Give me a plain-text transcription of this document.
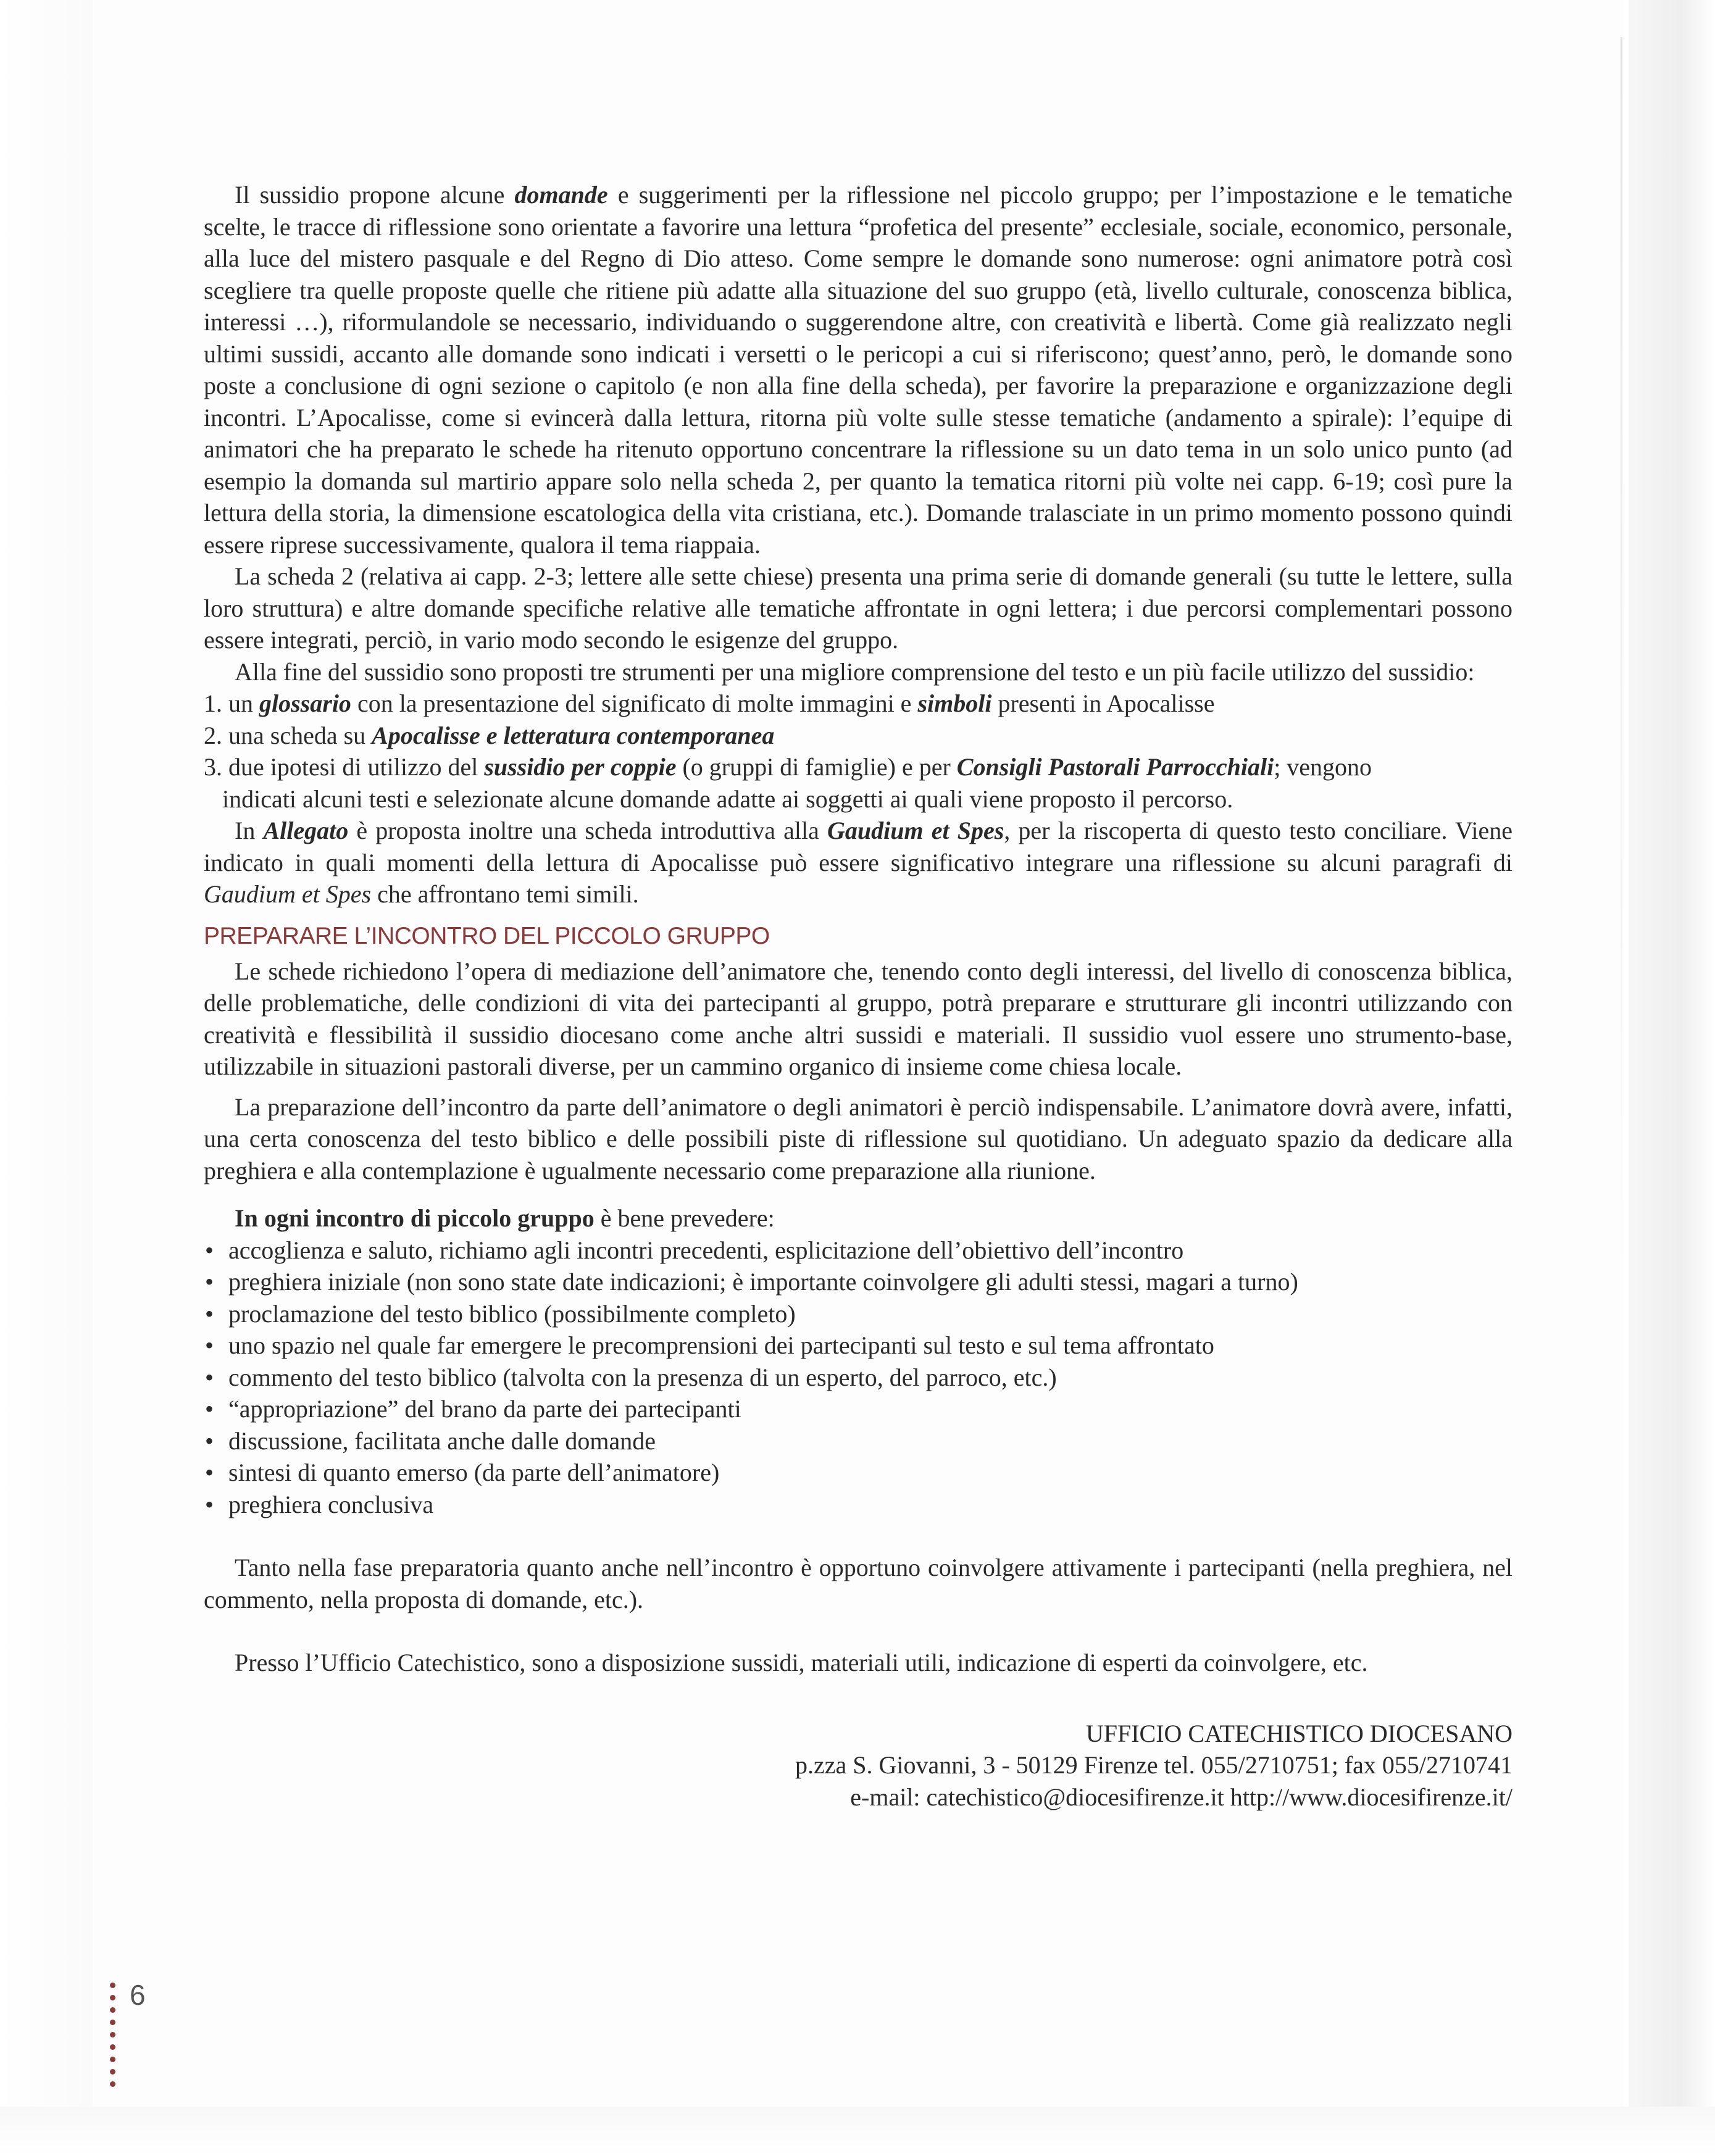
Il sussidio propone alcune domande e suggerimenti per la riflessione nel piccolo gruppo; per l’impostazione e le tematiche scelte, le tracce di riflessione sono orientate a favorire una lettura “profetica del presente” ecclesiale, sociale, economico, personale, alla luce del mistero pasquale e del Regno di Dio atteso. Come sempre le domande sono numerose: ogni animatore potrà così scegliere tra quelle proposte quelle che ritiene più adatte alla situazione del suo gruppo (età, livello culturale, conoscenza biblica, interessi …), riformulandole se necessario, individuando o suggerendone altre, con creatività e libertà. Come già realizzato negli ultimi sussidi, accanto alle domande sono indicati i versetti o le pericopi a cui si riferiscono; quest’anno, però, le domande sono poste a conclusione di ogni sezione o capitolo (e non alla fine della scheda), per favorire la preparazione e organizzazione degli incontri. L’Apocalisse, come si evincerà dalla lettura, ritorna più volte sulle stesse tematiche (andamento a spirale): l’equipe di animatori che ha preparato le schede ha ritenuto opportuno concentrare la riflessione su un dato tema in un solo unico punto (ad esempio la domanda sul martirio appare solo nella scheda 2, per quanto la tematica ritorni più volte nei capp. 6-19; così pure la lettura della storia, la dimensione escatologica della vita cristiana, etc.). Domande tralasciate in un primo momento possono quindi essere riprese successivamente, qualora il tema riappaia.

La scheda 2 (relativa ai capp. 2-3; lettere alle sette chiese) presenta una prima serie di domande generali (su tutte le lettere, sulla loro struttura) e altre domande specifiche relative alle tematiche affrontate in ogni lettera; i due percorsi complementari possono essere integrati, perciò, in vario modo secondo le esigenze del gruppo.

Alla fine del sussidio sono proposti tre strumenti per una migliore comprensione del testo e un più facile utilizzo del sussidio:

1. un glossario con la presentazione del significato di molte immagini e simboli presenti in Apocalisse
2. una scheda su Apocalisse e letteratura contemporanea
3. due ipotesi di utilizzo del sussidio per coppie (o gruppi di famiglie) e per Consigli Pastorali Parrocchiali; vengono
indicati alcuni testi e selezionate alcune domande adatte ai soggetti ai quali viene proposto il percorso.

In Allegato è proposta inoltre una scheda introduttiva alla Gaudium et Spes, per la riscoperta di questo testo conciliare. Viene indicato in quali momenti della lettura di Apocalisse può essere significativo integrare una riflessione su alcuni paragrafi di Gaudium et Spes che affrontano temi simili.

PREPARARE L’INCONTRO DEL PICCOLO GRUPPO

Le schede richiedono l’opera di mediazione dell’animatore che, tenendo conto degli interessi, del livello di conoscenza biblica, delle problematiche, delle condizioni di vita dei partecipanti al gruppo, potrà preparare e strutturare gli incontri utilizzando con creatività e flessibilità il sussidio diocesano come anche altri sussidi e materiali. Il sussidio vuol essere uno strumento-base, utilizzabile in situazioni pastorali diverse, per un cammino organico di insieme come chiesa locale.

La preparazione dell’incontro da parte dell’animatore o degli animatori è perciò indispensabile. L’animatore dovrà avere, infatti, una certa conoscenza del testo biblico e delle possibili piste di riflessione sul quotidiano. Un adeguato spazio da dedicare alla preghiera e alla contemplazione è ugualmente necessario come preparazione alla riunione.

In ogni incontro di piccolo gruppo è bene prevedere:

• accoglienza e saluto, richiamo agli incontri precedenti, esplicitazione dell’obiettivo dell’incontro
• preghiera iniziale (non sono state date indicazioni; è importante coinvolgere gli adulti stessi, magari a turno)
• proclamazione del testo biblico (possibilmente completo)
• uno spazio nel quale far emergere le precomprensioni dei partecipanti sul testo e sul tema affrontato
• commento del testo biblico (talvolta con la presenza di un esperto, del parroco, etc.)
• “appropriazione” del brano da parte dei partecipanti
• discussione, facilitata anche dalle domande
• sintesi di quanto emerso (da parte dell’animatore)
• preghiera conclusiva

Tanto nella fase preparatoria quanto anche nell’incontro è opportuno coinvolgere attivamente i partecipanti (nella preghiera, nel commento, nella proposta di domande, etc.).

Presso l’Ufficio Catechistico, sono a disposizione sussidi, materiali utili, indicazione di esperti da coinvolgere, etc.

UFFICIO CATECHISTICO DIOCESANO
p.zza S. Giovanni, 3 - 50129 Firenze tel. 055/2710751; fax 055/2710741
e-mail: catechistico@diocesifirenze.it http://www.diocesifirenze.it/
6
